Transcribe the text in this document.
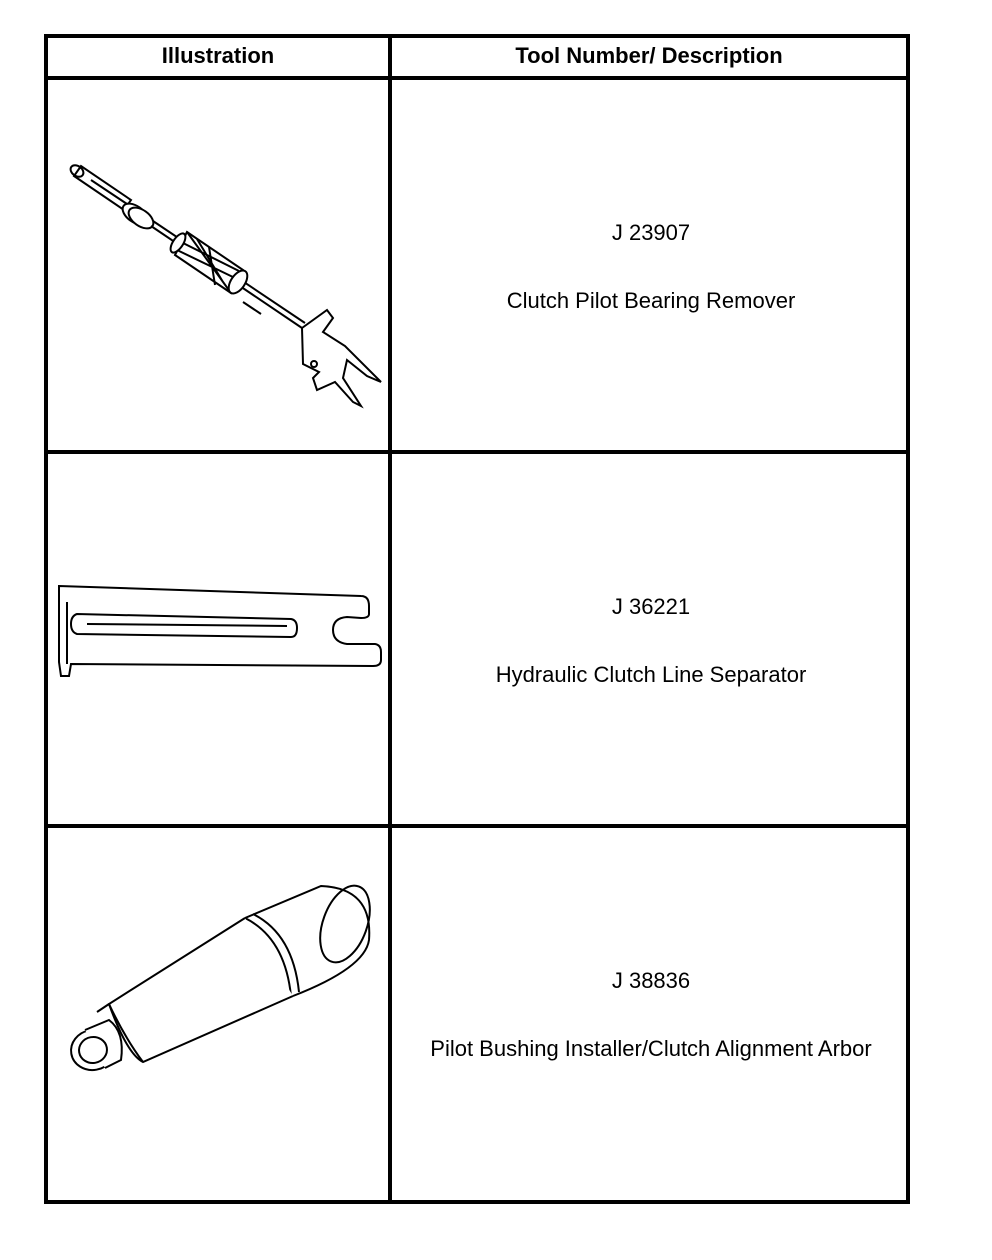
Illustration	Tool Number/ Description
J 23907
Clutch Pilot Bearing Remover
J 36221
Hydraulic Clutch Line Separator
J 38836
Pilot Bushing Installer/Clutch Alignment Arbor
